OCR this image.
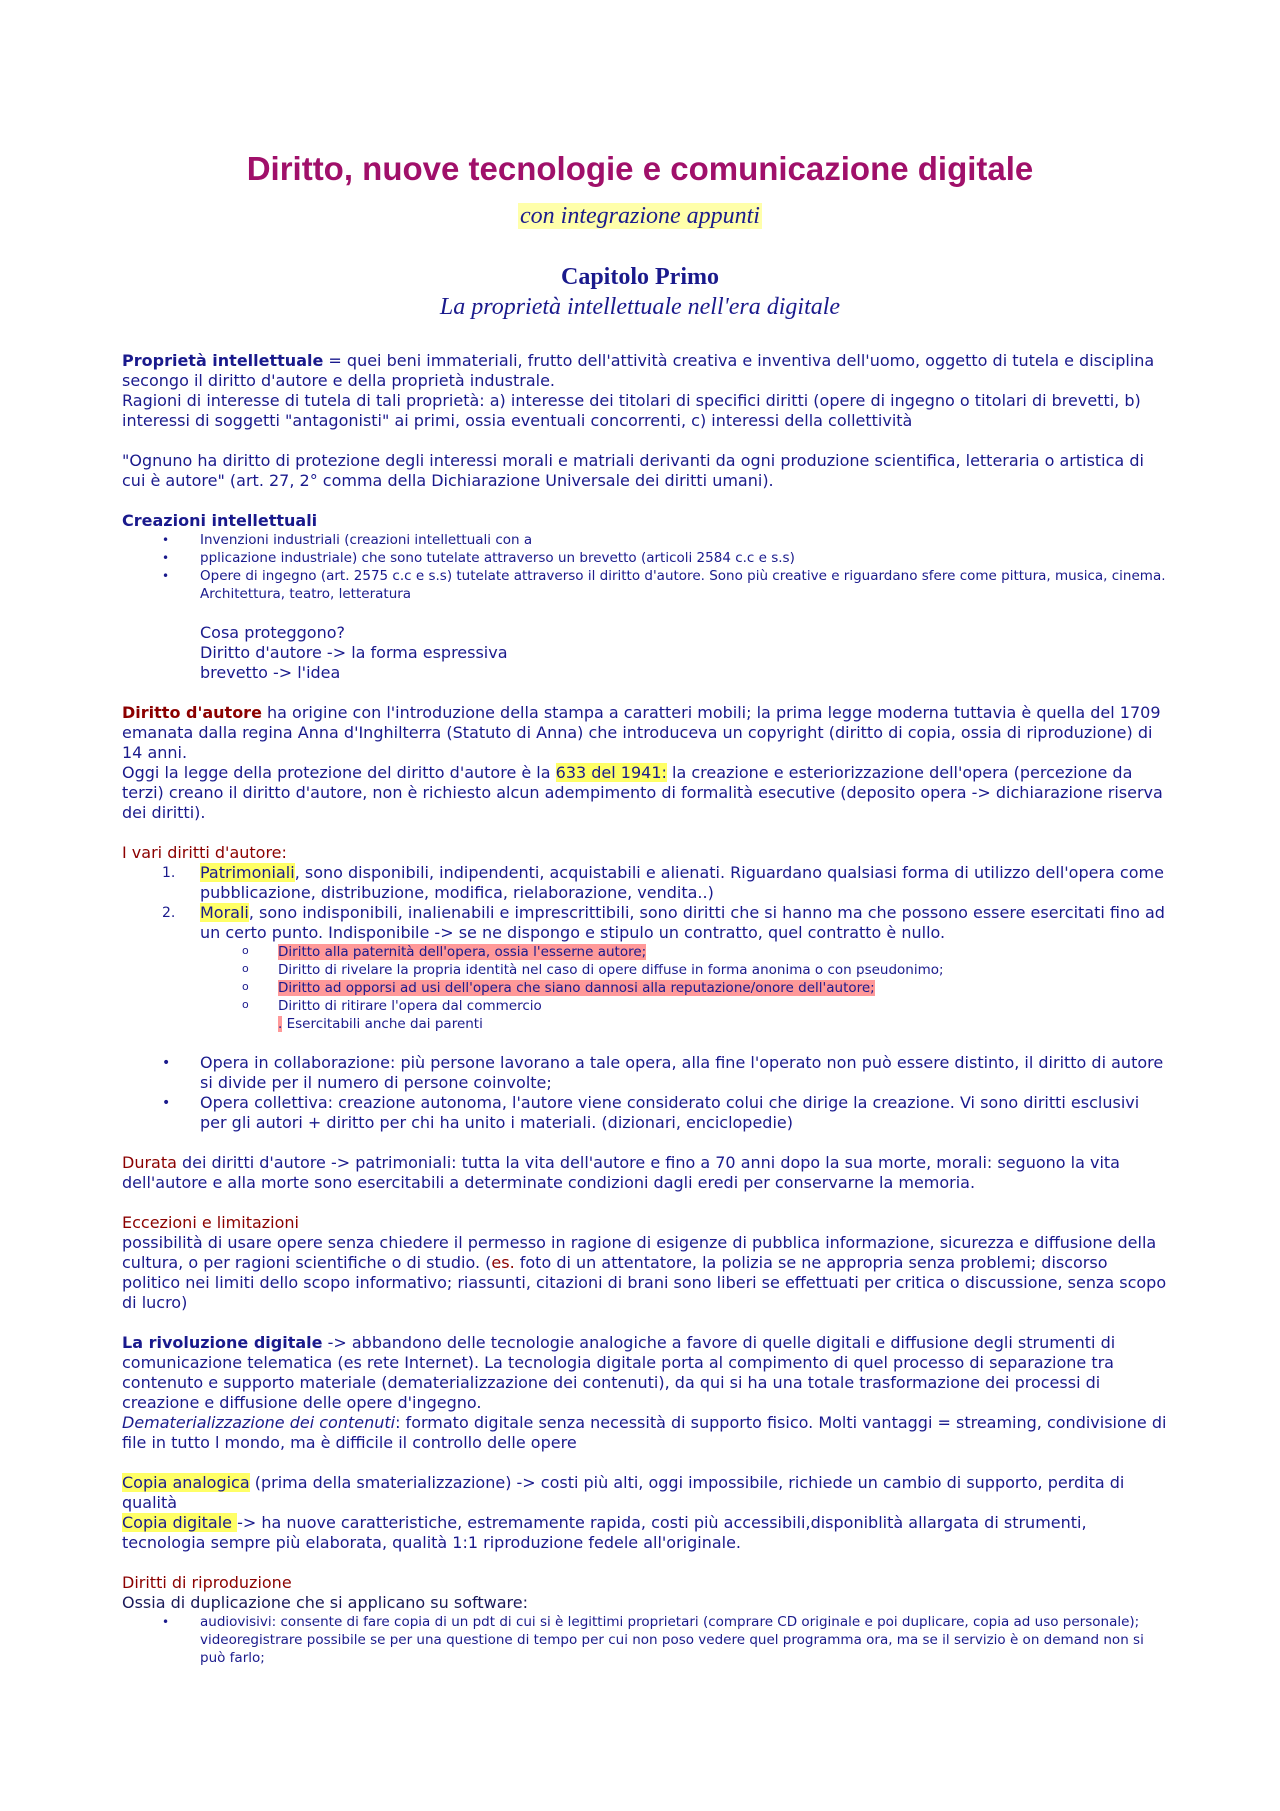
Diritto, nuove tecnologie e comunicazione digitale
con integrazione appunti
Capitolo Primo
La proprietà intellettuale nell'era digitale

Proprietà intellettuale = quei beni immateriali, frutto dell'attività creativa e inventiva dell'uomo, oggetto di tutela e disciplina secongo il diritto d'autore e della proprietà industrale.

Ragioni di interesse di tutela di tali proprietà: a) interesse dei titolari di specifici diritti (opere di ingegno o titolari di brevetti, b) interessi di soggetti "antagonisti" ai primi, ossia eventuali concorrenti, c) interessi della collettività

"Ognuno ha diritto di protezione degli interessi morali e matriali derivanti da ogni produzione scientifica, letteraria o artistica di cui è autore" (art. 27, 2° comma della Dichiarazione Universale dei diritti umani).

Creazioni intellettuali

• Invenzioni industriali (creazioni intellettuali con a
• pplicazione industriale) che sono tutelate attraverso un brevetto (articoli 2584 c.c e s.s)
• Opere di ingegno (art. 2575 c.c e s.s) tutelate attraverso il diritto d'autore. Sono più creative e riguardano sfere come pittura, musica, cinema. Architettura, teatro, letteratura

Cosa proteggono?

Diritto d'autore -> la forma espressiva

brevetto -> l'idea

Diritto d'autore ha origine con l'introduzione della stampa a caratteri mobili; la prima legge moderna tuttavia è quella del 1709 emanata dalla regina Anna d'Inghilterra (Statuto di Anna) che introduceva un copyright (diritto di copia, ossia di riproduzione) di 14 anni.

Oggi la legge della protezione del diritto d'autore è la 633 del 1941: la creazione e esteriorizzazione dell'opera (percezione da terzi) creano il diritto d'autore, non è richiesto alcun adempimento di formalità esecutive (deposito opera -> dichiarazione riserva dei diritti).

I vari diritti d'autore:

1. Patrimoniali, sono disponibili, indipendenti, acquistabili e alienati. Riguardano qualsiasi forma di utilizzo dell'opera come pubblicazione, distribuzione, modifica, rielaborazione, vendita..)
2. Morali, sono indisponibili, inalienabili e imprescrittibili, sono diritti che si hanno ma che possono essere esercitati fino ad un certo punto. Indisponibile -> se ne dispongo e stipulo un contratto, quel contratto è nullo.
o Diritto alla paternità dell'opera, ossia l'esserne autore;
o Diritto di rivelare la propria identità nel caso di opere diffuse in forma anonima o con pseudonimo;
o Diritto ad opporsi ad usi dell'opera che siano dannosi alla reputazione/onore dell'autore;
o Diritto di ritirare l'opera dal commercio
. Esercitabili anche dai parenti
• Opera in collaborazione: più persone lavorano a tale opera, alla fine l'operato non può essere distinto, il diritto di autore si divide per il numero di persone coinvolte;
• Opera collettiva: creazione autonoma, l'autore viene considerato colui che dirige la creazione. Vi sono diritti esclusivi per gli autori + diritto per chi ha unito i materiali. (dizionari, enciclopedie)

Durata dei diritti d'autore -> patrimoniali: tutta la vita dell'autore e fino a 70 anni dopo la sua morte, morali: seguono la vita dell'autore e alla morte sono esercitabili a determinate condizioni dagli eredi per conservarne la memoria.

Eccezioni e limitazioni

possibilità di usare opere senza chiedere il permesso in ragione di esigenze di pubblica informazione, sicurezza e diffusione della cultura, o per ragioni scientifiche o di studio. (es. foto di un attentatore, la polizia se ne appropria senza problemi; discorso politico nei limiti dello scopo informativo; riassunti, citazioni di brani sono liberi se effettuati per critica o discussione, senza scopo di lucro)

La rivoluzione digitale -> abbandono delle tecnologie analogiche a favore di quelle digitali e diffusione degli strumenti di comunicazione telematica (es rete Internet). La tecnologia digitale porta al compimento di quel processo di separazione tra contenuto e supporto materiale (dematerializzazione dei contenuti), da qui si ha una totale trasformazione dei processi di creazione e diffusione delle opere d'ingegno.

Dematerializzazione dei contenuti: formato digitale senza necessità di supporto fisico. Molti vantaggi = streaming, condivisione di file in tutto l mondo, ma è difficile il controllo delle opere

Copia analogica (prima della smaterializzazione) -> costi più alti, oggi impossibile, richiede un cambio di supporto, perdita di qualità

Copia digitale -> ha nuove caratteristiche, estremamente rapida, costi più accessibili,disponiblità allargata di strumenti, tecnologia sempre più elaborata, qualità 1:1 riproduzione fedele all'originale.

Diritti di riproduzione

Ossia di duplicazione che si applicano su software:

• audiovisivi: consente di fare copia di un pdt di cui si è legittimi proprietari (comprare CD originale e poi duplicare, copia ad uso personale);
videoregistrare possibile se per una questione di tempo per cui non poso vedere quel programma ora, ma se il servizio è on demand non si può farlo;
